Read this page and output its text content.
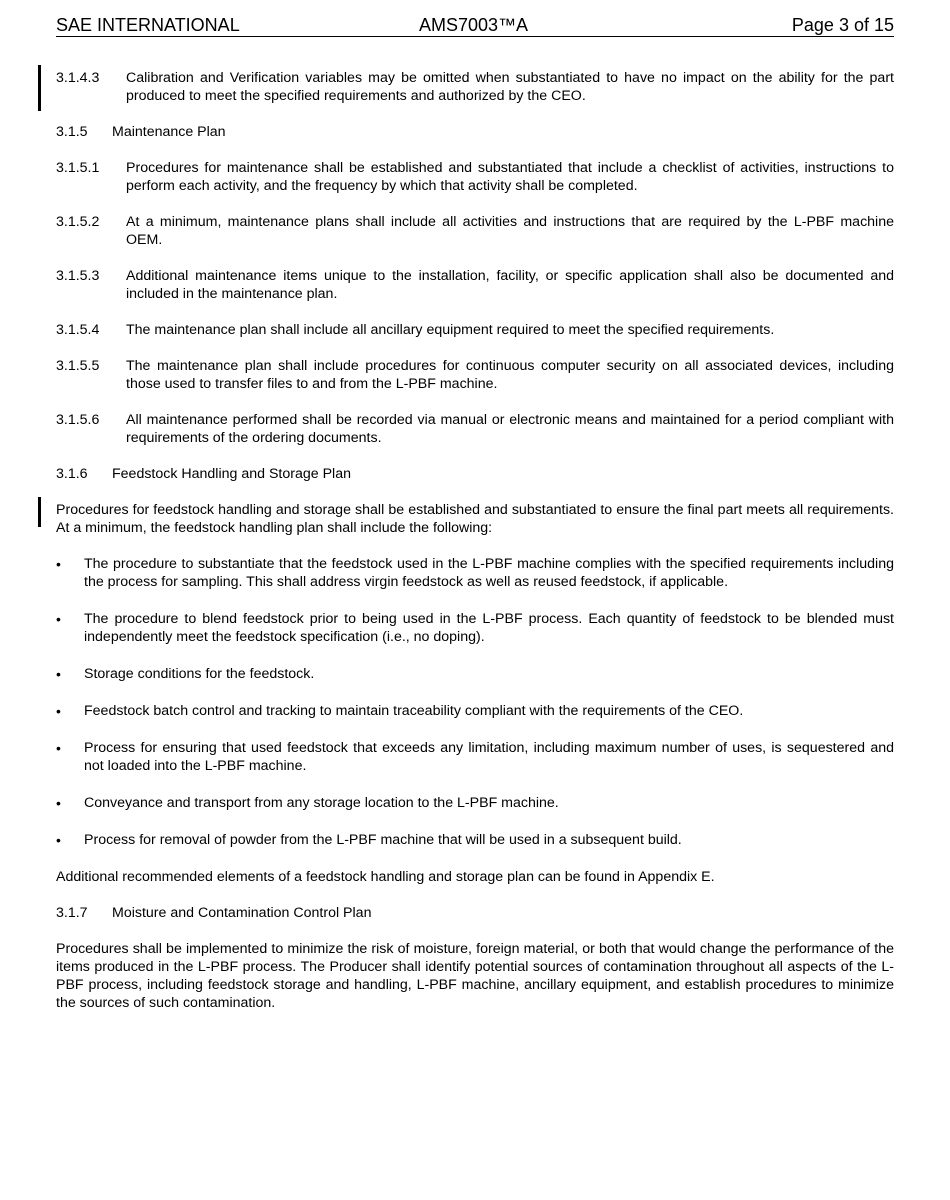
SAE INTERNATIONAL	AMS7003™A	Page 3 of 15
3.1.4.3	Calibration and Verification variables may be omitted when substantiated to have no impact on the ability for the part produced to meet the specified requirements and authorized by the CEO.
3.1.5	Maintenance Plan
3.1.5.1	Procedures for maintenance shall be established and substantiated that include a checklist of activities, instructions to perform each activity, and the frequency by which that activity shall be completed.
3.1.5.2	At a minimum, maintenance plans shall include all activities and instructions that are required by the L-PBF machine OEM.
3.1.5.3	Additional maintenance items unique to the installation, facility, or specific application shall also be documented and included in the maintenance plan.
3.1.5.4	The maintenance plan shall include all ancillary equipment required to meet the specified requirements.
3.1.5.5	The maintenance plan shall include procedures for continuous computer security on all associated devices, including those used to transfer files to and from the L-PBF machine.
3.1.5.6	All maintenance performed shall be recorded via manual or electronic means and maintained for a period compliant with requirements of the ordering documents.
3.1.6	Feedstock Handling and Storage Plan
Procedures for feedstock handling and storage shall be established and substantiated to ensure the final part meets all requirements. At a minimum, the feedstock handling plan shall include the following:
•	The procedure to substantiate that the feedstock used in the L-PBF machine complies with the specified requirements including the process for sampling. This shall address virgin feedstock as well as reused feedstock, if applicable.
•	The procedure to blend feedstock prior to being used in the L-PBF process. Each quantity of feedstock to be blended must independently meet the feedstock specification (i.e., no doping).
•	Storage conditions for the feedstock.
•	Feedstock batch control and tracking to maintain traceability compliant with the requirements of the CEO.
•	Process for ensuring that used feedstock that exceeds any limitation, including maximum number of uses, is sequestered and not loaded into the L-PBF machine.
•	Conveyance and transport from any storage location to the L-PBF machine.
•	Process for removal of powder from the L-PBF machine that will be used in a subsequent build.
Additional recommended elements of a feedstock handling and storage plan can be found in Appendix E.
3.1.7	Moisture and Contamination Control Plan
Procedures shall be implemented to minimize the risk of moisture, foreign material, or both that would change the performance of the items produced in the L-PBF process. The Producer shall identify potential sources of contamination throughout all aspects of the L-PBF process, including feedstock storage and handling, L-PBF machine, ancillary equipment, and establish procedures to minimize the sources of such contamination.
